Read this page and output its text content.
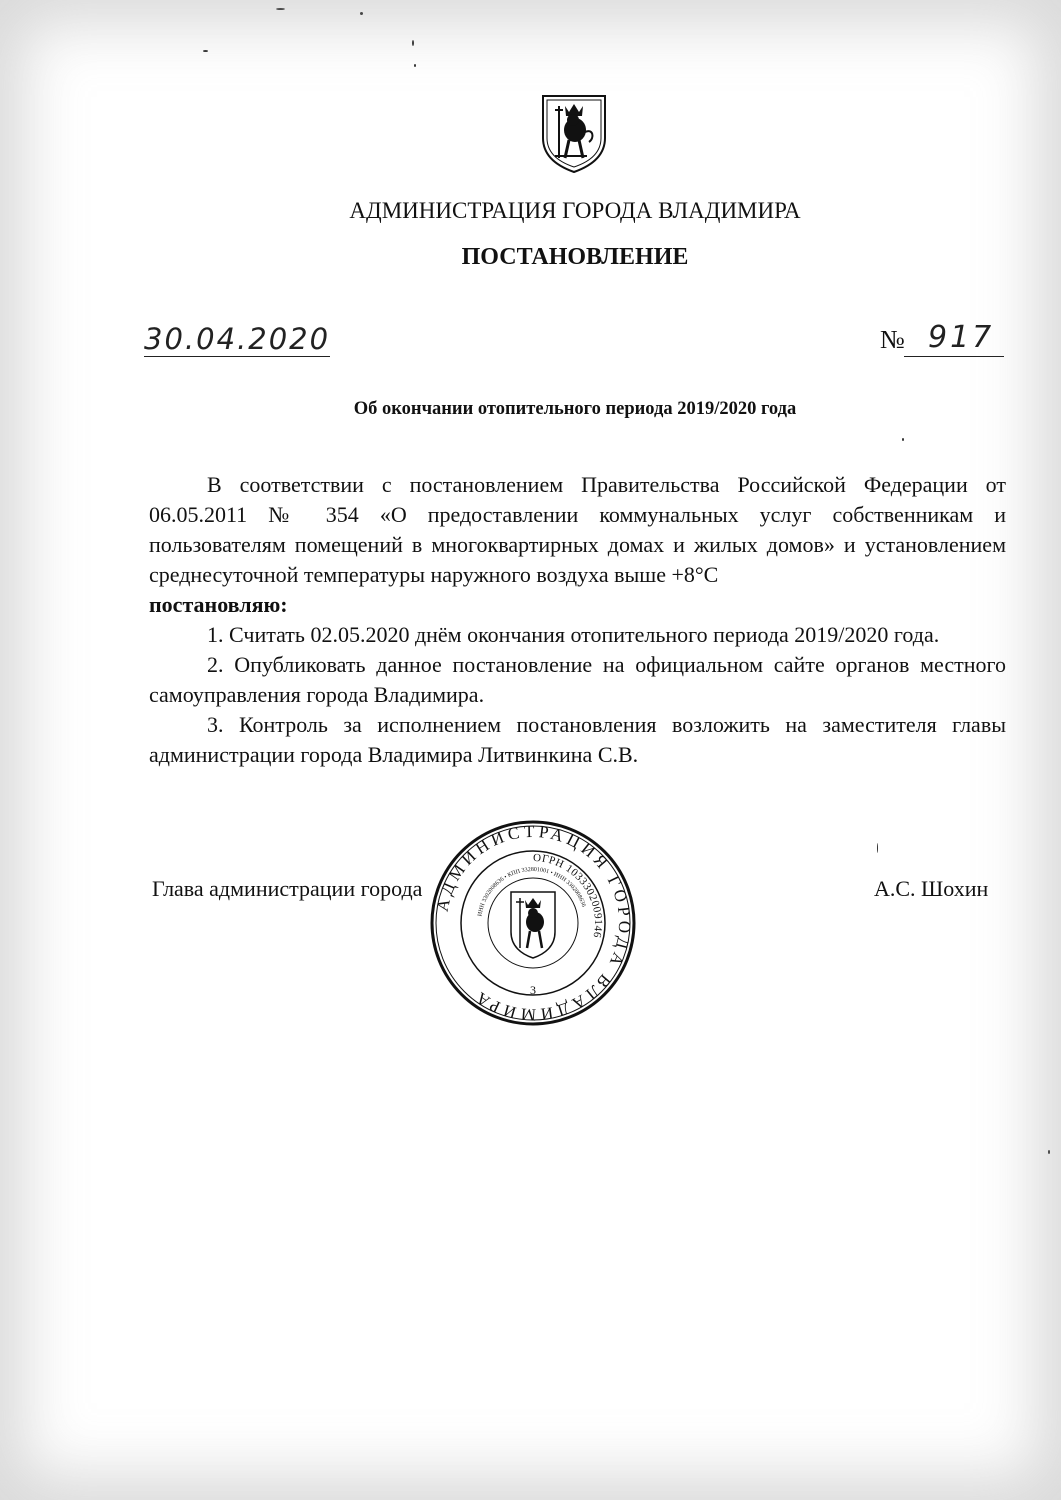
АДМИНИСТРАЦИЯ ГОРОДА ВЛАДИМИРА
ПОСТАНОВЛЕНИЕ
30.04.2020	№ 917
Об окончании отопительного периода 2019/2020 года

В соответствии с постановлением Правительства Российской Федерации от 06.05.2011 № 354 «О предоставлении коммунальных услуг собственникам и пользователям помещений в многоквартирных домах и жилых домов» и установлением среднесуточной температуры наружного воздуха выше +8°С

постановляю:

1. Считать 02.05.2020 днём окончания отопительного периода 2019/2020 года.

2. Опубликовать данное постановление на официальном сайте органов местного самоуправления города Владимира.

3. Контроль за исполнением постановления возложить на заместителя главы администрации города Владимира Литвинкина С.В.

Глава администрации города	А.С. Шохин
АДМИНИСТРАЦИЯ ГОРОДА ВЛАДИМИРА
ОГРН 1033302009146
ИНН 3302008636 • КПП 332801001 • ИНН 3302008636
3
